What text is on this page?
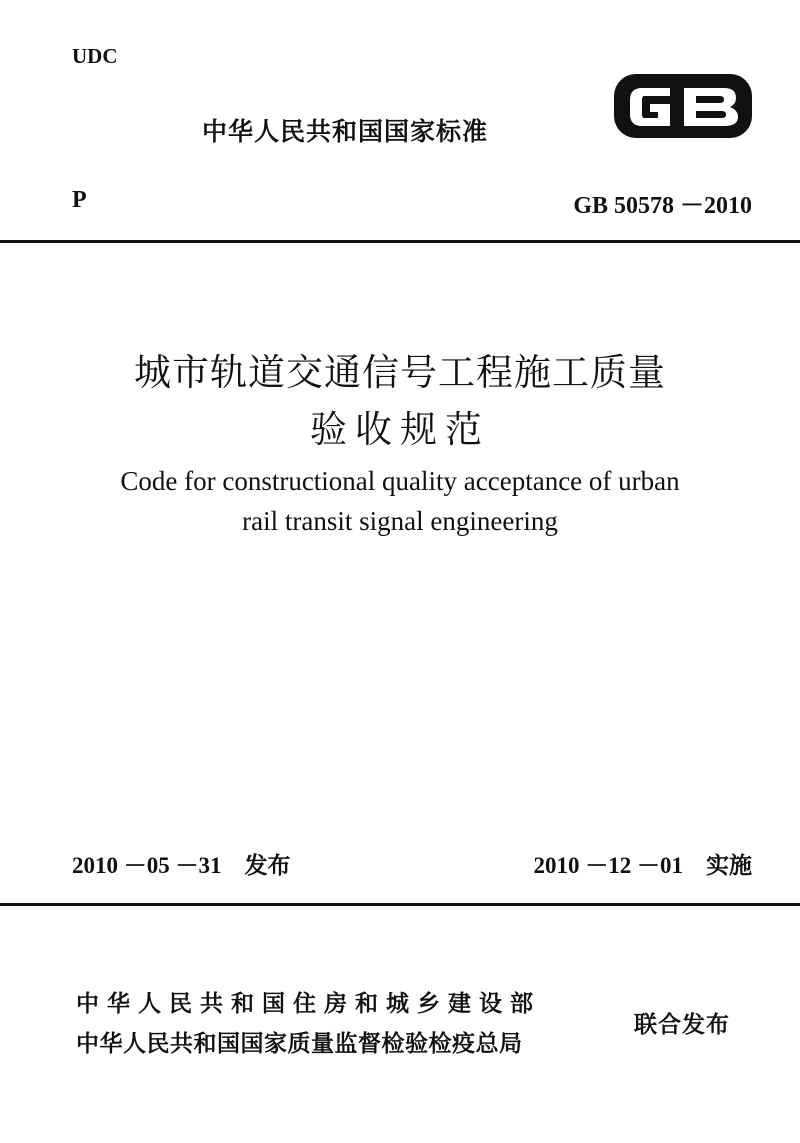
UDC
中华人民共和国国家标准
P	GB 50578 －2010
城市轨道交通信号工程施工质量
验收规范
Code for constructional quality acceptance of urban
rail transit signal engineering
2010 －05 －31　发布	2010 －12 －01　实施
中华人民共和国住房和城乡建设部
中华人民共和国国家质量监督检验检疫总局
联合发布
